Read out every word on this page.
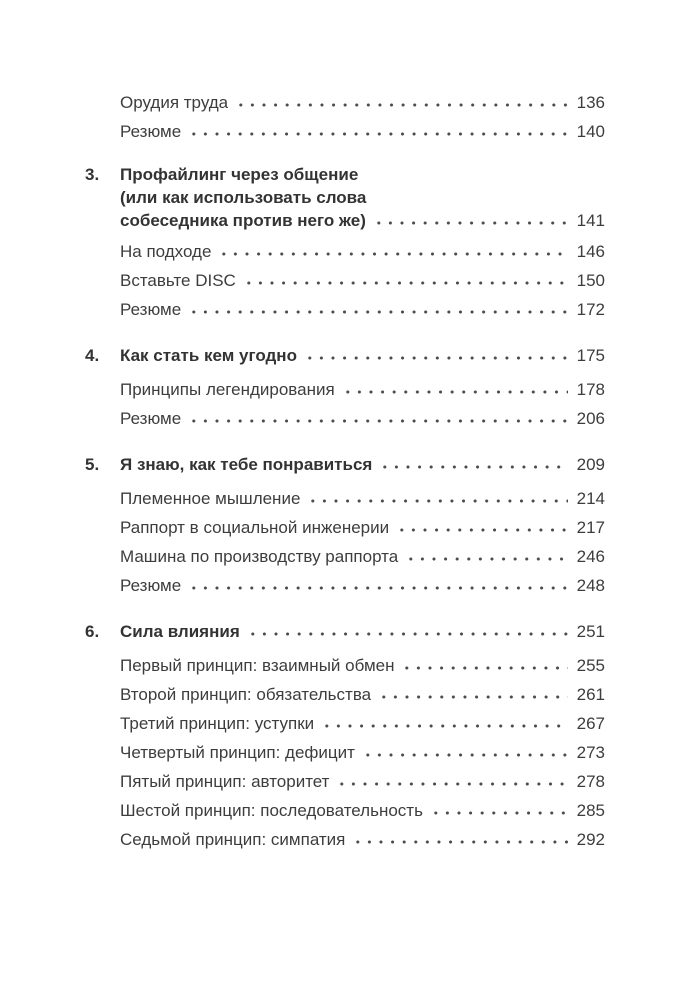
Орудия труда	136
Резюме	140
3.	Профайлинг через общение
(или как использовать слова
собеседника против него же)	141
На подходе	146
Вставьте DISC	150
Резюме	172
4.	Как стать кем угодно	175
Принципы легендирования	178
Резюме	206
5.	Я знаю, как тебе понравиться	209
Племенное мышление	214
Раппорт в социальной инженерии	217
Машина по производству раппорта	246
Резюме	248
6.	Сила влияния	251
Первый принцип: взаимный обмен	255
Второй принцип: обязательства	261
Третий принцип: уступки	267
Четвертый принцип: дефицит	273
Пятый принцип: авторитет	278
Шестой принцип: последовательность	285
Седьмой принцип: симпатия	292
